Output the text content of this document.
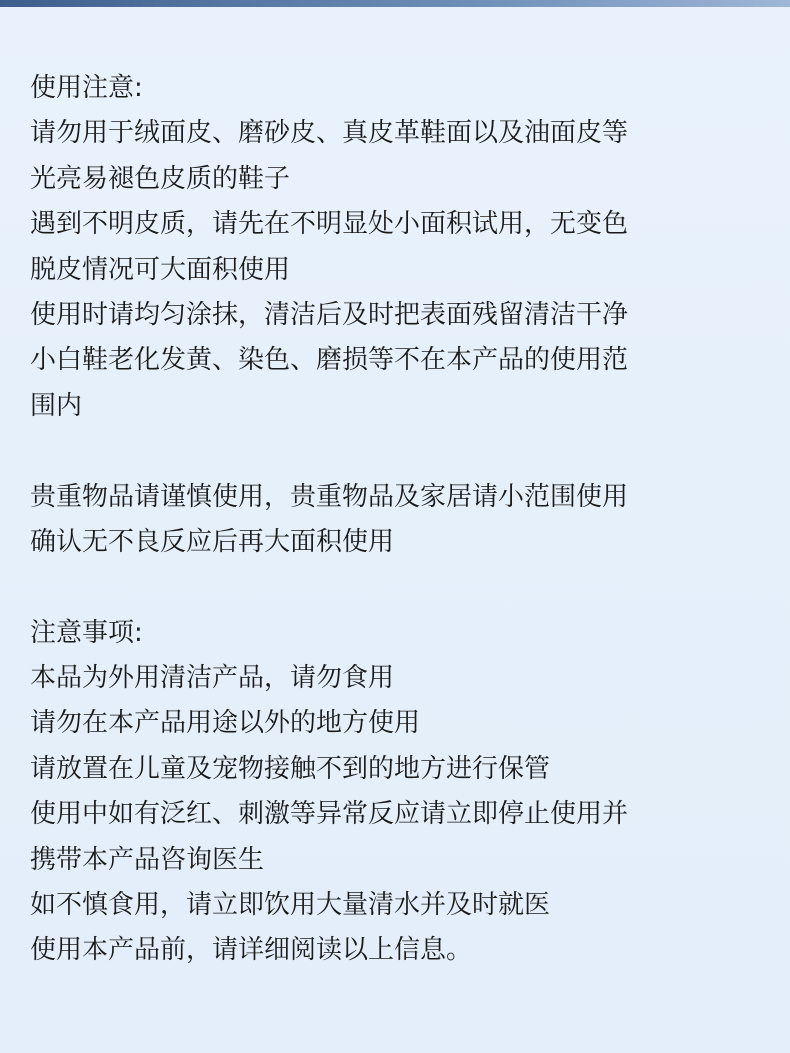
使用注意:
请勿用于绒面皮、磨砂皮、真皮革鞋面以及油面皮等
光亮易褪色皮质的鞋子
遇到不明皮质，请先在不明显处小面积试用，无变色
脱皮情况可大面积使用
使用时请均匀涂抹，清洁后及时把表面残留清洁干净
小白鞋老化发黄、染色、磨损等不在本产品的使用范
围内
贵重物品请谨慎使用，贵重物品及家居请小范围使用
确认无不良反应后再大面积使用
注意事项:
本品为外用清洁产品，请勿食用
请勿在本产品用途以外的地方使用
请放置在儿童及宠物接触不到的地方进行保管
使用中如有泛红、刺激等异常反应请立即停止使用并
携带本产品咨询医生
如不慎食用，请立即饮用大量清水并及时就医
使用本产品前，请详细阅读以上信息。
